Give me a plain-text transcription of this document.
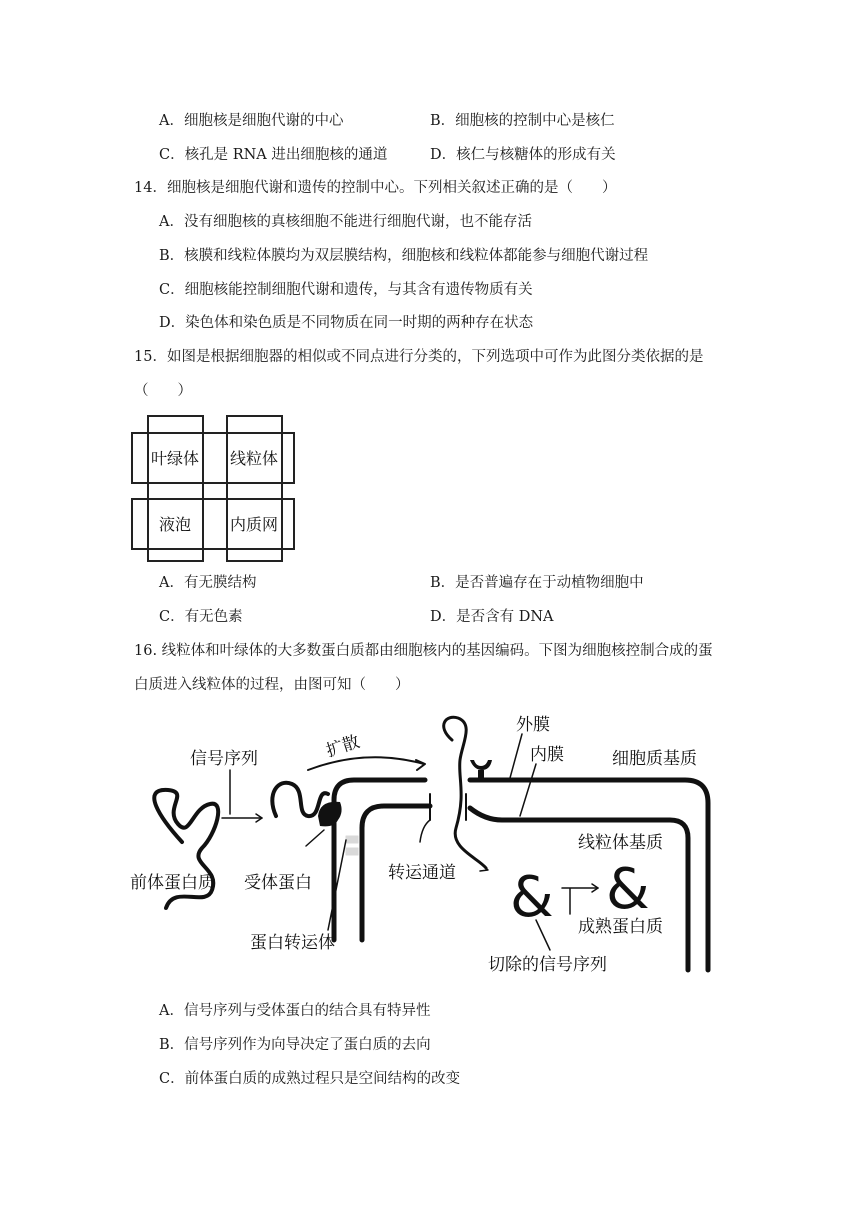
A．细胞核是细胞代谢的中心	B．细胞核的控制中心是核仁
C．核孔是 RNA 进出细胞核的通道	D．核仁与核糖体的形成有关
14．细胞核是细胞代谢和遗传的控制中心。下列相关叙述正确的是（　　）
A．没有细胞核的真核细胞不能进行细胞代谢，也不能存活
B．核膜和线粒体膜均为双层膜结构，细胞核和线粒体都能参与细胞代谢过程
C．细胞核能控制细胞代谢和遗传，与其含有遗传物质有关
D．染色体和染色质是不同物质在同一时期的两种存在状态
15．如图是根据细胞器的相似或不同点进行分类的，下列选项中可作为此图分类依据的是
（　　）
叶绿体 线粒体
液泡 内质网
A．有无膜结构	B．是否普遍存在于动植物细胞中
C．有无色素	D．是否含有 DNA
16. 线粒体和叶绿体的大多数蛋白质都由细胞核内的基因编码。下图为细胞核控制合成的蛋
白质进入线粒体的过程，由图可知（　　）
& &
信号序列	扩散
外膜
内膜	细胞质基质
线粒体基质
前体蛋白质 受体蛋白	转运通道
成熟蛋白质
蛋白转运体
切除的信号序列
A．信号序列与受体蛋白的结合具有特异性
B．信号序列作为向导决定了蛋白质的去向
C．前体蛋白质的成熟过程只是空间结构的改变
